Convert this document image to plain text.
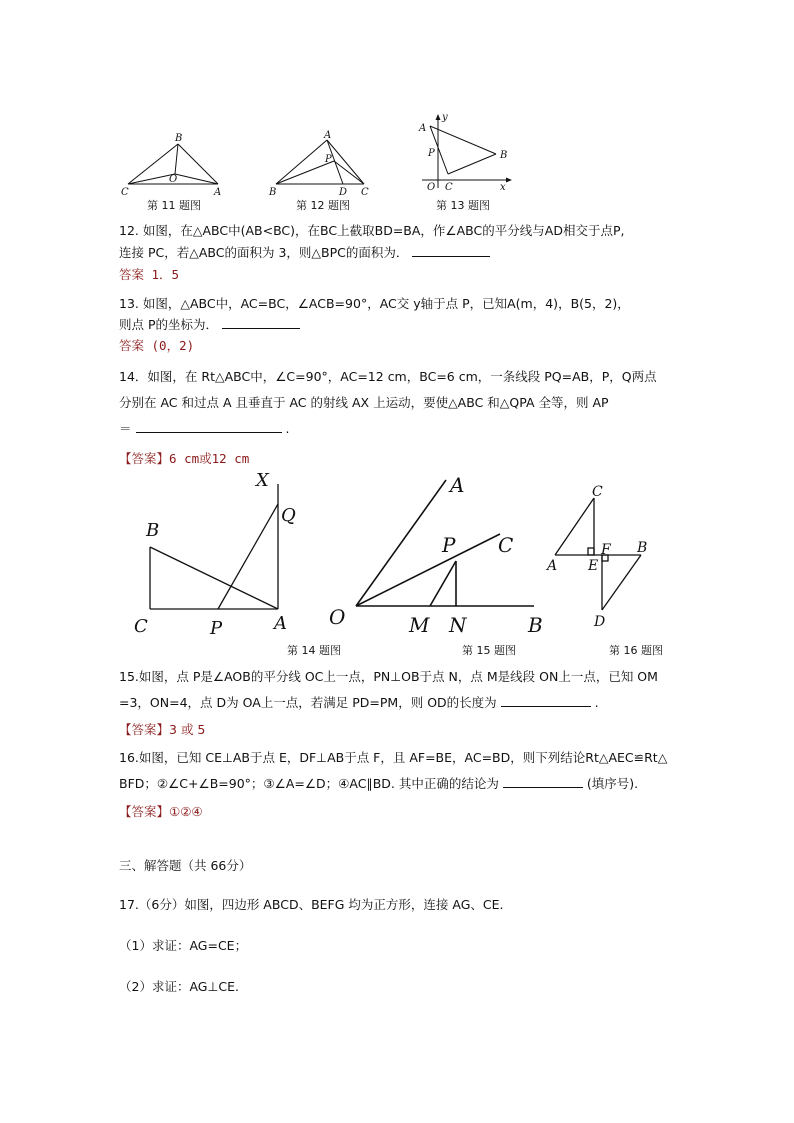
B
O
C	A
第 11 题图
A
P
B	D C
第 12 题图
y
A
P	B
O C	x
第 13 题图
12. 如图，在△ABC中(AB<BC)，在BC上截取BD=BA，作∠ABC的平分线与AD相交于点P,
连接 PC，若△ABC的面积为 3，则△BPC的面积为．
答案 1．5
13. 如图，△ABC中，AC=BC，∠ACB=90°，AC交 y轴于点 P，已知A(m，4)，B(5，2)，
则点 P的坐标为．
答案 (0，2)
14．如图，在 Rt△ABC中，∠C=90°，AC=12 cm，BC=6 cm，一条线段 PQ=AB，P，Q两点
分别在 AC 和过点 A 且垂直于 AC 的射线 AX 上运动，要使△ABC 和△QPA 全等，则 AP
＝	.
【答案】6 cm或12 cm
X
Q
B
C	P	A
第 14 题图
A
C
P
O	M N	B
第 15 题图
C
F B
A E
D
第 16 题图
15.如图，点 P是∠AOB的平分线 OC上一点，PN⊥OB于点 N，点 M是线段 ON上一点，已知 OM
=3，ON=4，点 D为 OA上一点，若满足 PD=PM，则 OD的长度为	.
【答案】3 或 5
16.如图，已知 CE⊥AB于点 E，DF⊥AB于点 F，且 AF=BE，AC=BD，则下列结论Rt△AEC≌Rt△
BFD；②∠C+∠B=90°；③∠A=∠D；④AC∥BD. 其中正确的结论为	(填序号).
【答案】①②④
三、解答题（共 66分）
17.（6分）如图，四边形 ABCD、BEFG 均为正方形，连接 AG、CE.
（1）求证：AG=CE；
（2）求证：AG⊥CE.
